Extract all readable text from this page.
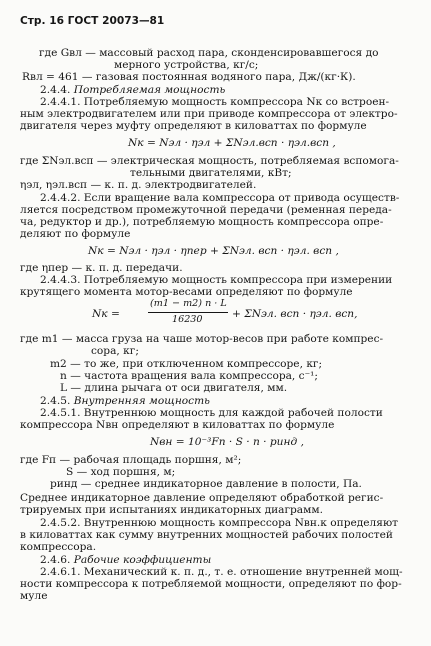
Стр. 16 ГОСТ 20073—81
где Gвл — массовый расход пара, сконденсировавшегося до
мерного устройства, кг/с;
Rвл = 461 — газовая постоянная водяного пара, Дж/(кг·К).
2.4.4. Потребляемая мощность
2.4.4.1. Потребляемую мощность компрессора Nк со встроен-
ным электродвигателем или при приводе компрессора от электро-
двигателя через муфту определяют в киловаттах по формуле
Nк = Nэл · ηэл + ΣNэл.всп · ηэл.всп ,
где ΣNэл.всп — электрическая мощность, потребляемая вспомога-
тельными двигателями, кВт;
ηэл, ηэл.всп — к. п. д. электродвигателей.
2.4.4.2. Если вращение вала компрессора от привода осуществ-
ляется посредством промежуточной передачи (ременная переда-
ча, редуктор и др.), потребляемую мощность компрессора опре-
деляют по формуле
Nк = Nэл · ηэл · ηпер + ΣNэл. всп · ηэл. всп ,
где ηпер — к. п. д. передачи.
2.4.4.3. Потребляемую мощность компрессора при измерении
крутящего момента мотор-весами определяют по формуле
Nк =
(m1 − m2) n · L
16230	+ ΣNэл. всп · ηэл. всп,
где m1 — масса груза на чаше мотор-весов при работе компрес-
сора, кг;
m2 — то же, при отключенном компрессоре, кг;
n — частота вращения вала компрессора, с⁻¹;
L — длина рычага от оси двигателя, мм.
2.4.5. Внутренняя мощность
2.4.5.1. Внутреннюю мощность для каждой рабочей полости
компрессора Nвн определяют в киловаттах по формуле
Nвн = 10⁻³Fп · S · n · pинд ,
где Fп — рабочая площадь поршня, м²;
S — ход поршня, м;
pинд — среднее индикаторное давление в полости, Па.
Среднее индикаторное давление определяют обработкой регис-
трируемых при испытаниях индикаторных диаграмм.
2.4.5.2. Внутреннюю мощность компрессора Nвн.к определяют
в киловаттах как сумму внутренних мощностей рабочих полостей
компрессора.
2.4.6. Рабочие коэффициенты
2.4.6.1. Механический к. п. д., т. е. отношение внутренней мощ-
ности компрессора к потребляемой мощности, определяют по фор-
муле
